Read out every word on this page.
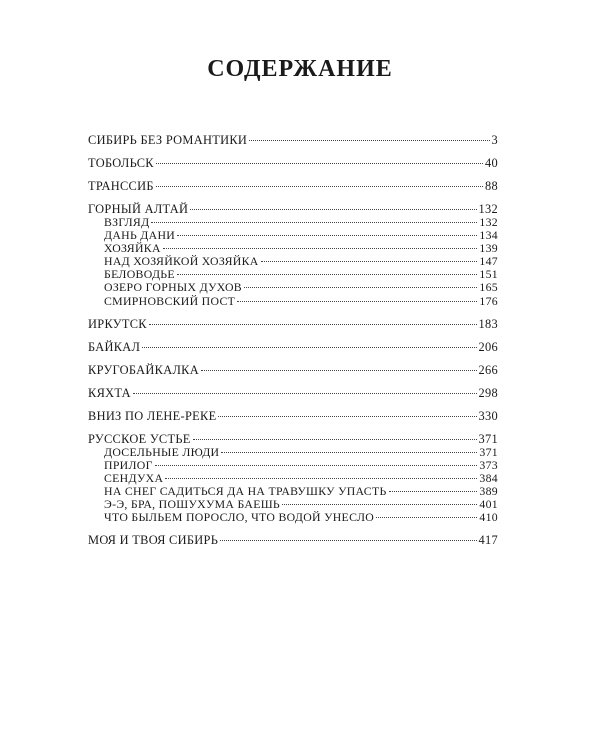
СОДЕРЖАНИЕ
СИБИРЬ БЕЗ РОМАНТИКИ	3
ТОБОЛЬСК	40
ТРАНССИБ	88
ГОРНЫЙ АЛТАЙ	132
ВЗГЛЯД	132
ДАНЬ ДАНИ	134
ХОЗЯЙКА	139
НАД ХОЗЯЙКОЙ ХОЗЯЙКА	147
БЕЛОВОДЬЕ	151
ОЗЕРО ГОРНЫХ ДУХОВ	165
СМИРНОВСКИЙ ПОСТ	176
ИРКУТСК	183
БАЙКАЛ	206
КРУГОБАЙКАЛКА	266
КЯХТА	298
ВНИЗ ПО ЛЕНЕ-РЕКЕ	330
РУССКОЕ УСТЬЕ	371
ДОСЕЛЬНЫЕ ЛЮДИ	371
ПРИЛОГ	373
СЕНДУХА	384
НА СНЕГ САДИТЬСЯ ДА НА ТРАВУШКУ УПАСТЬ	389
Э-Э, БРА, ПОШУХУМА БАЕШЬ	401
ЧТО БЫЛЬЕМ ПОРОСЛО, ЧТО ВОДОЙ УНЕСЛО	410
МОЯ И ТВОЯ СИБИРЬ	417
